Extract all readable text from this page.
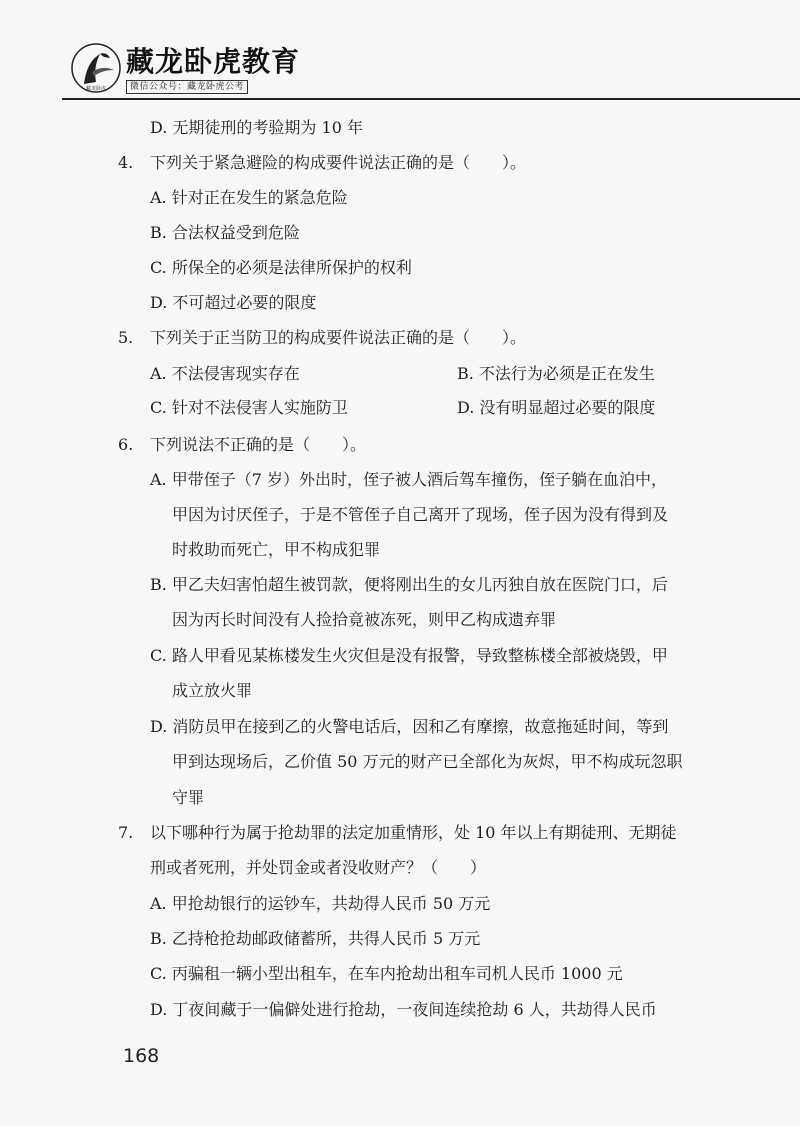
藏龙卧虎
藏龙卧虎教育
微信公众号：藏龙卧虎公考
D. 无期徒刑的考验期为 10 年
4. 下列关于紧急避险的构成要件说法正确的是（　　）。
A. 针对正在发生的紧急危险
B. 合法权益受到危险
C. 所保全的必须是法律所保护的权利
D. 不可超过必要的限度
5. 下列关于正当防卫的构成要件说法正确的是（　　）。
A. 不法侵害现实存在	B. 不法行为必须是正在发生
C. 针对不法侵害人实施防卫	D. 没有明显超过必要的限度
6. 下列说法不正确的是（　　）。
A. 甲带侄子（7 岁）外出时，侄子被人酒后驾车撞伤，侄子躺在血泊中，
甲因为讨厌侄子，于是不管侄子自己离开了现场，侄子因为没有得到及
时救助而死亡，甲不构成犯罪
B. 甲乙夫妇害怕超生被罚款，便将刚出生的女儿丙独自放在医院门口，后
因为丙长时间没有人捡拾竟被冻死，则甲乙构成遗弃罪
C. 路人甲看见某栋楼发生火灾但是没有报警，导致整栋楼全部被烧毁，甲
成立放火罪
D. 消防员甲在接到乙的火警电话后，因和乙有摩擦，故意拖延时间，等到
甲到达现场后，乙价值 50 万元的财产已全部化为灰烬，甲不构成玩忽职
守罪
7. 以下哪种行为属于抢劫罪的法定加重情形，处 10 年以上有期徒刑、无期徒
刑或者死刑，并处罚金或者没收财产？（　　）
A. 甲抢劫银行的运钞车，共劫得人民币 50 万元
B. 乙持枪抢劫邮政储蓄所，共得人民币 5 万元
C. 丙骗租一辆小型出租车，在车内抢劫出租车司机人民币 1000 元
D. 丁夜间藏于一偏僻处进行抢劫，一夜间连续抢劫 6 人，共劫得人民币
168
